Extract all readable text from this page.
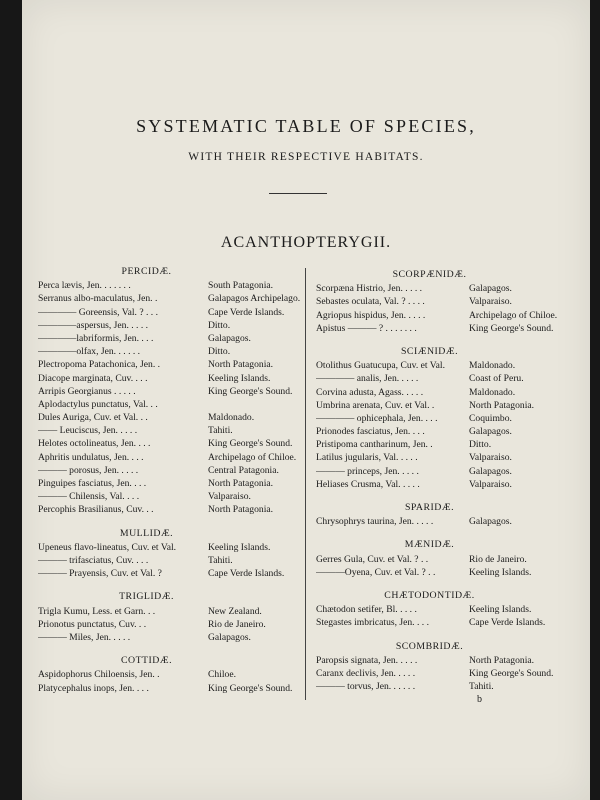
SYSTEMATIC TABLE OF SPECIES,
WITH THEIR RESPECTIVE HABITATS.
ACANTHOPTERYGII.
PERCIDÆ.
Perca lævis, Jen. . . . . . .	South Patagonia.
Serranus albo-maculatus, Jen. .	Galapagos Archipelago.
———— Goreensis, Val. ? . . .	Cape Verde Islands.
————aspersus, Jen. . . . .	Ditto.
————labriformis, Jen. . . .	Galapagos.
————olfax, Jen. . . . . .	Ditto.
Plectropoma Patachonica, Jen. .	North Patagonia.
Diacope marginata, Cuv. . . .	Keeling Islands.
Arripis Georgianus . . . . .	King George's Sound.
Aplodactylus punctatus, Val. . .
Dules Auriga, Cuv. et Val. . .	Maldonado.
—— Leuciscus, Jen. . . . .	Tahiti.
Helotes octolineatus, Jen. . . .	King George's Sound.
Aphritis undulatus, Jen. . . .	Archipelago of Chiloe.
——— porosus, Jen. . . . .	Central Patagonia.
Pinguipes fasciatus, Jen. . . .	North Patagonia.
——— Chilensis, Val. . . .	Valparaiso.
Percophis Brasilianus, Cuv. . .	North Patagonia.
MULLIDÆ.
Upeneus flavo-lineatus, Cuv. et Val.	Keeling Islands.
——— trifasciatus, Cuv. . . .	Tahiti.
——— Prayensis, Cuv. et Val. ?	Cape Verde Islands.
TRIGLIDÆ.
Trigla Kumu, Less. et Garn. . .	New Zealand.
Prionotus punctatus, Cuv. . .	Rio de Janeiro.
——— Miles, Jen. . . . .	Galapagos.
COTTIDÆ.
Aspidophorus Chiloensis, Jen. .	Chiloe.
Platycephalus inops, Jen. . . .	King George's Sound.
SCORPÆNIDÆ.
Scorpæna Histrio, Jen. . . . .	Galapagos.
Sebastes oculata, Val. ? . . . .	Valparaiso.
Agriopus hispidus, Jen. . . . .	Archipelago of Chiloe.
Apistus ——— ? . . . . . . .	King George's Sound.
SCIÆNIDÆ.
Otolithus Guatucupa, Cuv. et Val.	Maldonado.
———— analis, Jen. . . . .	Coast of Peru.
Corvina adusta, Agass. . . . .	Maldonado.
Umbrina arenata, Cuv. et Val. .	North Patagonia.
———— ophicephala, Jen. . . .	Coquimbo.
Prionodes fasciatus, Jen. . . .	Galapagos.
Pristipoma cantharinum, Jen. .	Ditto.
Latilus jugularis, Val. . . . .	Valparaiso.
——— princeps, Jen. . . . .	Galapagos.
Heliases Crusma, Val. . . . .	Valparaiso.
SPARIDÆ.
Chrysophrys taurina, Jen. . . . .	Galapagos.
MÆNIDÆ.
Gerres Gula, Cuv. et Val. ? . .	Rio de Janeiro.
———Oyena, Cuv. et Val. ? . .	Keeling Islands.
CHÆTODONTIDÆ.
Chætodon setifer, Bl. . . . .	Keeling Islands.
Stegastes imbricatus, Jen. . . .	Cape Verde Islands.
SCOMBRIDÆ.
Paropsis signata, Jen. . . . .	North Patagonia.
Caranx declivis, Jen. . . . .	King George's Sound.
——— torvus, Jen. . . . . .	Tahiti.
b
